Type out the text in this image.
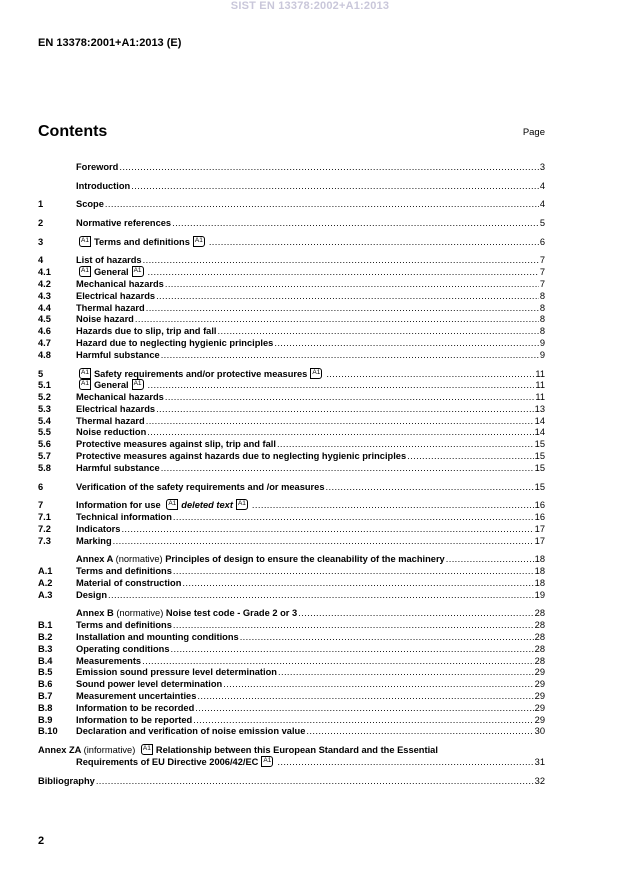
SIST EN 13378:2002+A1:2013
EN 13378:2001+A1:2013 (E)
Contents	Page
Foreword .....	3
Introduction .....	4
1	Scope .....	4
2	Normative references .....	5
3	A1 Terms and definitions A1 .....	6
4	List of hazards .....	7
4.1	A1 General A1 .....	7
4.2	Mechanical hazards .....	7
4.3	Electrical hazards .....	8
4.4	Thermal hazard .....	8
4.5	Noise hazard .....	8
4.6	Hazards due to slip, trip and fall .....	8
4.7	Hazard due to neglecting hygienic principles .....	9
4.8	Harmful substance .....	9
5	A1 Safety requirements and/or protective measures A1 .....	11
5.1	A1 General A1 .....	11
5.2	Mechanical hazards .....	11
5.3	Electrical hazards .....	13
5.4	Thermal hazard .....	14
5.5	Noise reduction .....	14
5.6	Protective measures against slip, trip and fall .....	15
5.7	Protective measures against hazards due to neglecting hygienic principles .....	15
5.8	Harmful substance .....	15
6	Verification of the safety requirements and /or measures .....	15
7	Information for use A1 deleted text A1 .....	16
7.1	Technical information .....	16
7.2	Indicators .....	17
7.3	Marking .....	17
Annex A (normative) Principles of design to ensure the cleanability of the machinery .....	18
A.1	Terms and definitions .....	18
A.2	Material of construction .....	18
A.3	Design .....	19
Annex B (normative) Noise test code - Grade 2 or 3 .....	28
B.1	Terms and definitions .....	28
B.2	Installation and mounting conditions .....	28
B.3	Operating conditions .....	28
B.4	Measurements .....	28
B.5	Emission sound pressure level determination .....	29
B.6	Sound power level determination .....	29
B.7	Measurement uncertainties .....	29
B.8	Information to be recorded .....	29
B.9	Information to be reported .....	29
B.10	Declaration and verification of noise emission value .....	30
Annex ZA (informative) A1 Relationship between this European Standard and the Essential
Requirements of EU Directive 2006/42/EC A1 .....	31
Bibliography .....	32
2
